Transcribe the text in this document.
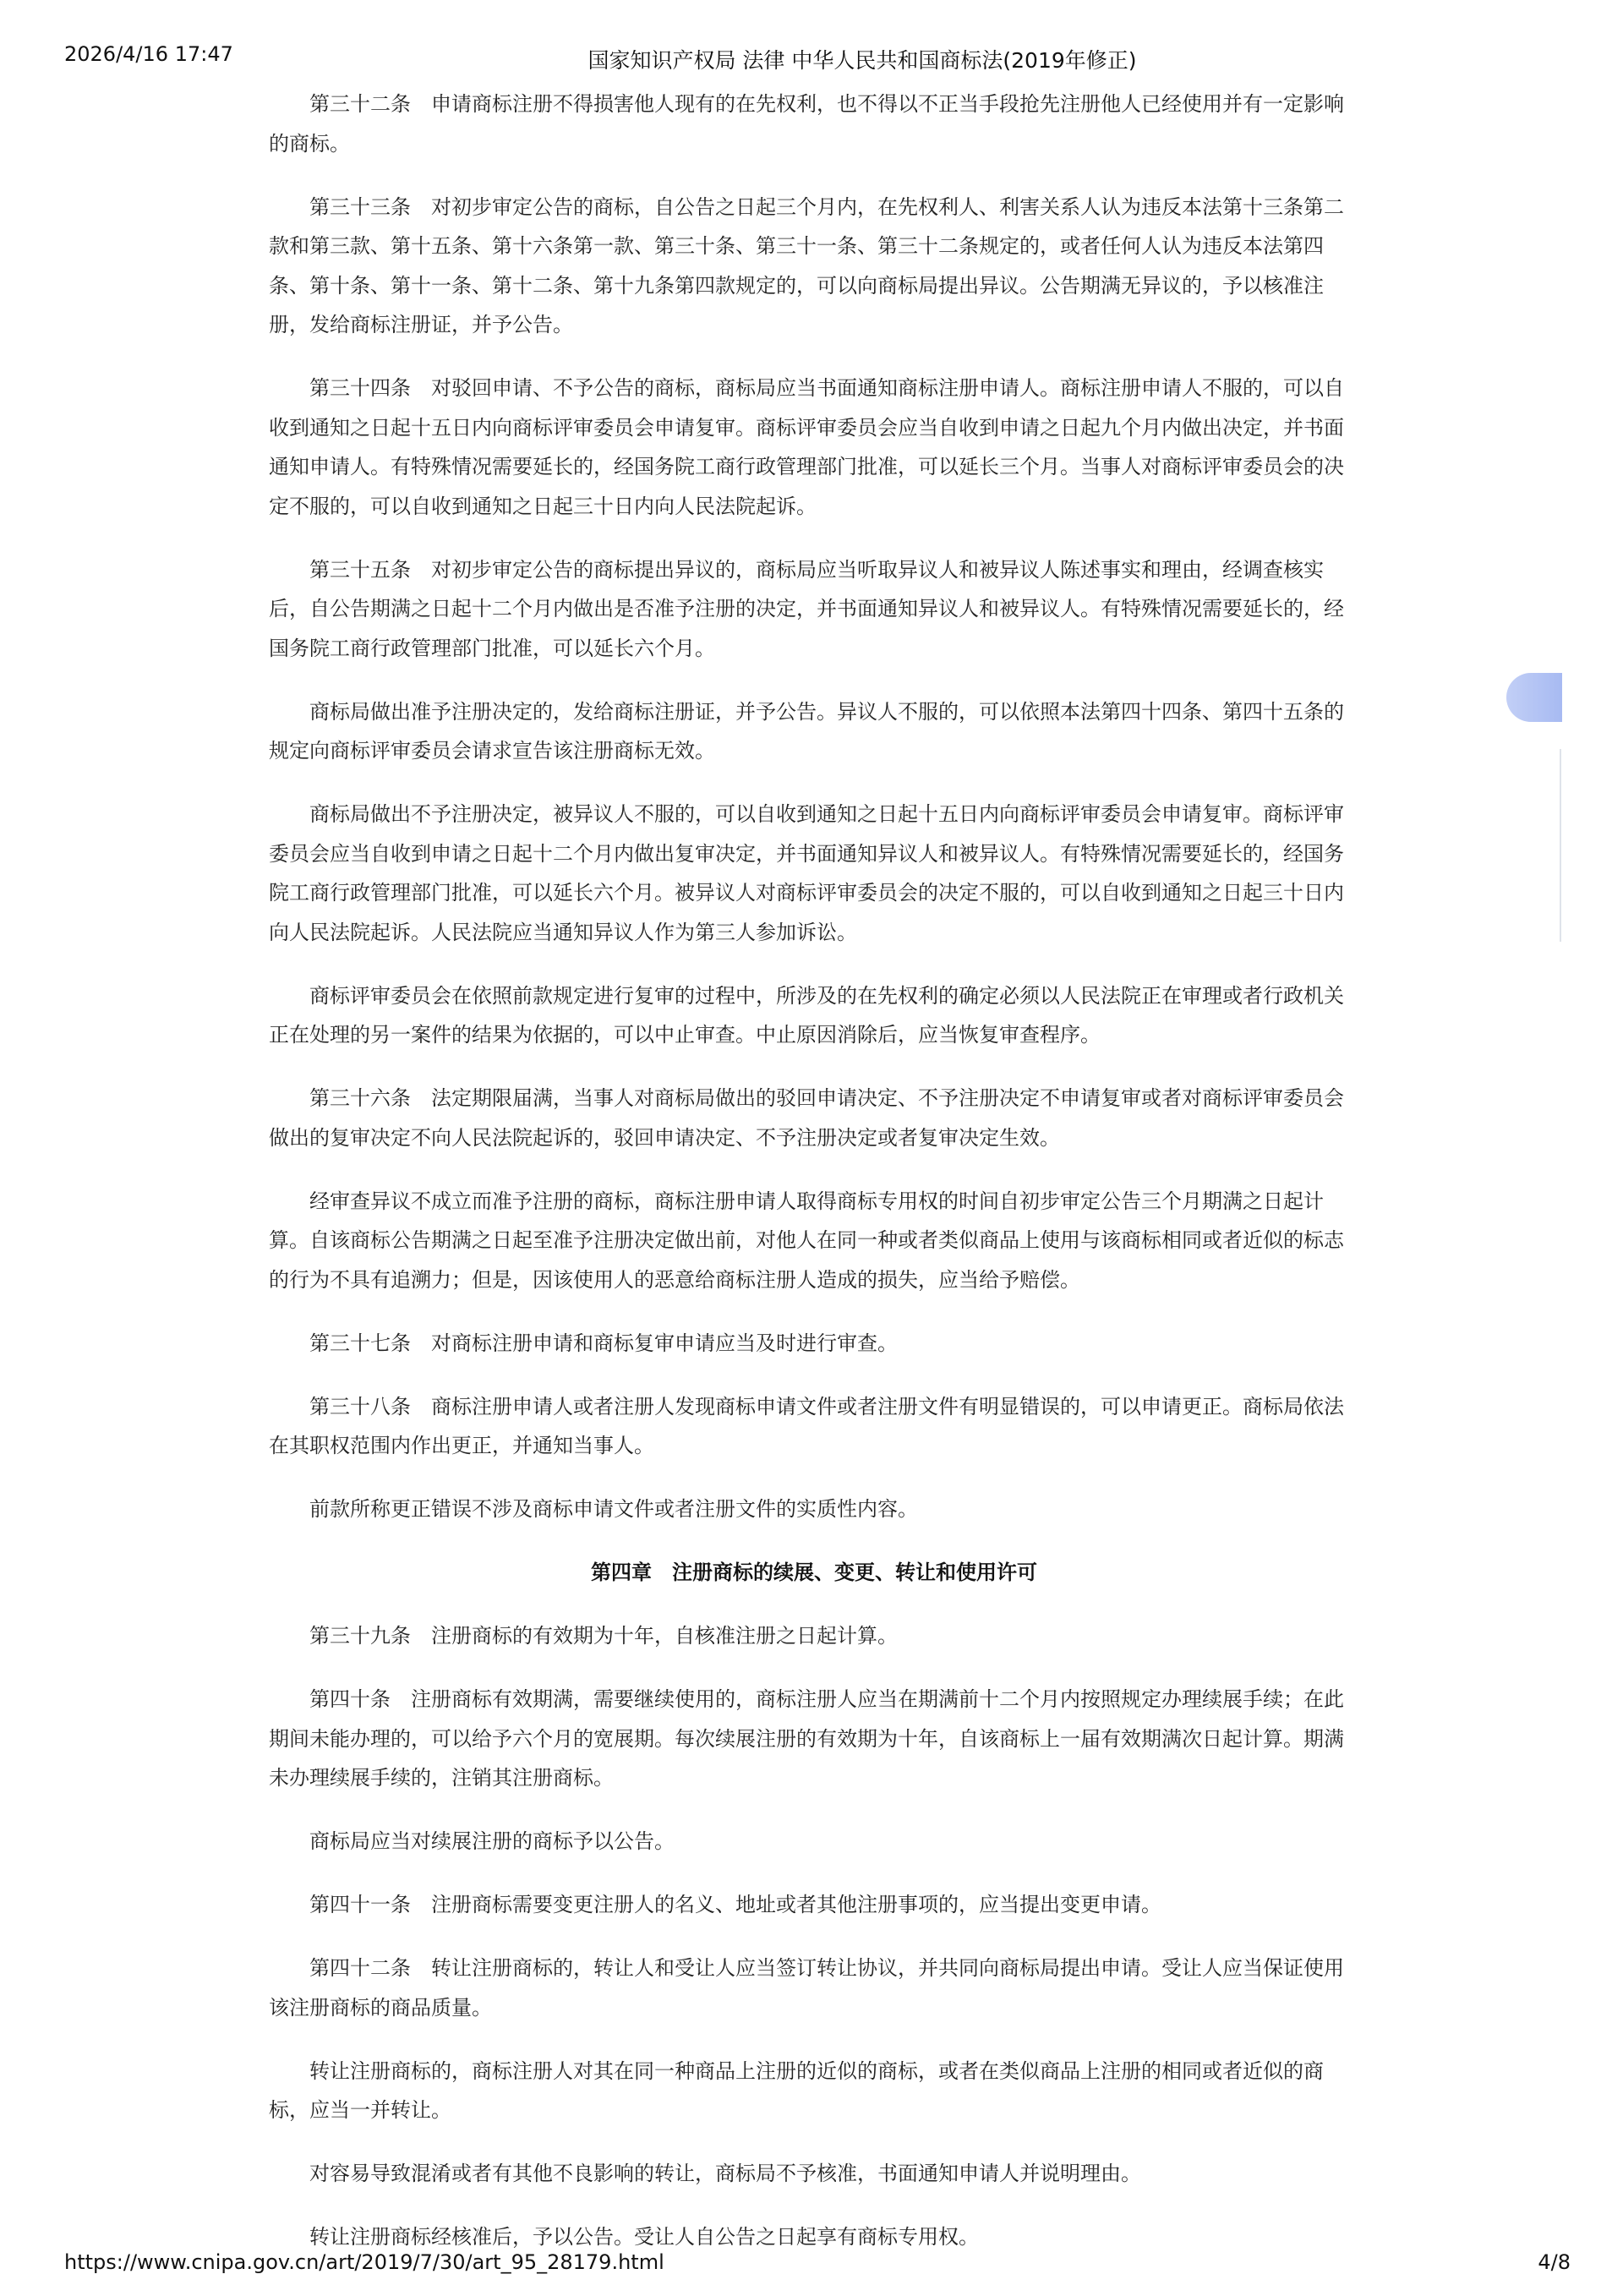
2026/4/16 17:47	国家知识产权局 法律 中华人民共和国商标法(2019年修正)

第三十二条　申请商标注册不得损害他人现有的在先权利，也不得以不正当手段抢先注册他人已经使用并有一定影响的商标。

第三十三条　对初步审定公告的商标，自公告之日起三个月内，在先权利人、利害关系人认为违反本法第十三条第二款和第三款、第十五条、第十六条第一款、第三十条、第三十一条、第三十二条规定的，或者任何人认为违反本法第四条、第十条、第十一条、第十二条、第十九条第四款规定的，可以向商标局提出异议。公告期满无异议的，予以核准注册，发给商标注册证，并予公告。

第三十四条　对驳回申请、不予公告的商标，商标局应当书面通知商标注册申请人。商标注册申请人不服的，可以自收到通知之日起十五日内向商标评审委员会申请复审。商标评审委员会应当自收到申请之日起九个月内做出决定，并书面通知申请人。有特殊情况需要延长的，经国务院工商行政管理部门批准，可以延长三个月。当事人对商标评审委员会的决定不服的，可以自收到通知之日起三十日内向人民法院起诉。

第三十五条　对初步审定公告的商标提出异议的，商标局应当听取异议人和被异议人陈述事实和理由，经调查核实后，自公告期满之日起十二个月内做出是否准予注册的决定，并书面通知异议人和被异议人。有特殊情况需要延长的，经国务院工商行政管理部门批准，可以延长六个月。

商标局做出准予注册决定的，发给商标注册证，并予公告。异议人不服的，可以依照本法第四十四条、第四十五条的规定向商标评审委员会请求宣告该注册商标无效。

商标局做出不予注册决定，被异议人不服的，可以自收到通知之日起十五日内向商标评审委员会申请复审。商标评审委员会应当自收到申请之日起十二个月内做出复审决定，并书面通知异议人和被异议人。有特殊情况需要延长的，经国务院工商行政管理部门批准，可以延长六个月。被异议人对商标评审委员会的决定不服的，可以自收到通知之日起三十日内向人民法院起诉。人民法院应当通知异议人作为第三人参加诉讼。

商标评审委员会在依照前款规定进行复审的过程中，所涉及的在先权利的确定必须以人民法院正在审理或者行政机关正在处理的另一案件的结果为依据的，可以中止审查。中止原因消除后，应当恢复审查程序。

第三十六条　法定期限届满，当事人对商标局做出的驳回申请决定、不予注册决定不申请复审或者对商标评审委员会做出的复审决定不向人民法院起诉的，驳回申请决定、不予注册决定或者复审决定生效。

经审查异议不成立而准予注册的商标，商标注册申请人取得商标专用权的时间自初步审定公告三个月期满之日起计算。自该商标公告期满之日起至准予注册决定做出前，对他人在同一种或者类似商品上使用与该商标相同或者近似的标志的行为不具有追溯力；但是，因该使用人的恶意给商标注册人造成的损失，应当给予赔偿。

第三十七条　对商标注册申请和商标复审申请应当及时进行审查。

第三十八条　商标注册申请人或者注册人发现商标申请文件或者注册文件有明显错误的，可以申请更正。商标局依法在其职权范围内作出更正，并通知当事人。

前款所称更正错误不涉及商标申请文件或者注册文件的实质性内容。

第四章　注册商标的续展、变更、转让和使用许可

第三十九条　注册商标的有效期为十年，自核准注册之日起计算。

第四十条　注册商标有效期满，需要继续使用的，商标注册人应当在期满前十二个月内按照规定办理续展手续；在此期间未能办理的，可以给予六个月的宽展期。每次续展注册的有效期为十年，自该商标上一届有效期满次日起计算。期满未办理续展手续的，注销其注册商标。

商标局应当对续展注册的商标予以公告。

第四十一条　注册商标需要变更注册人的名义、地址或者其他注册事项的，应当提出变更申请。

第四十二条　转让注册商标的，转让人和受让人应当签订转让协议，并共同向商标局提出申请。受让人应当保证使用该注册商标的商品质量。

转让注册商标的，商标注册人对其在同一种商品上注册的近似的商标，或者在类似商品上注册的相同或者近似的商标，应当一并转让。

对容易导致混淆或者有其他不良影响的转让，商标局不予核准，书面通知申请人并说明理由。

转让注册商标经核准后，予以公告。受让人自公告之日起享有商标专用权。

https://www.cnipa.gov.cn/art/2019/7/30/art_95_28179.html	4/8
